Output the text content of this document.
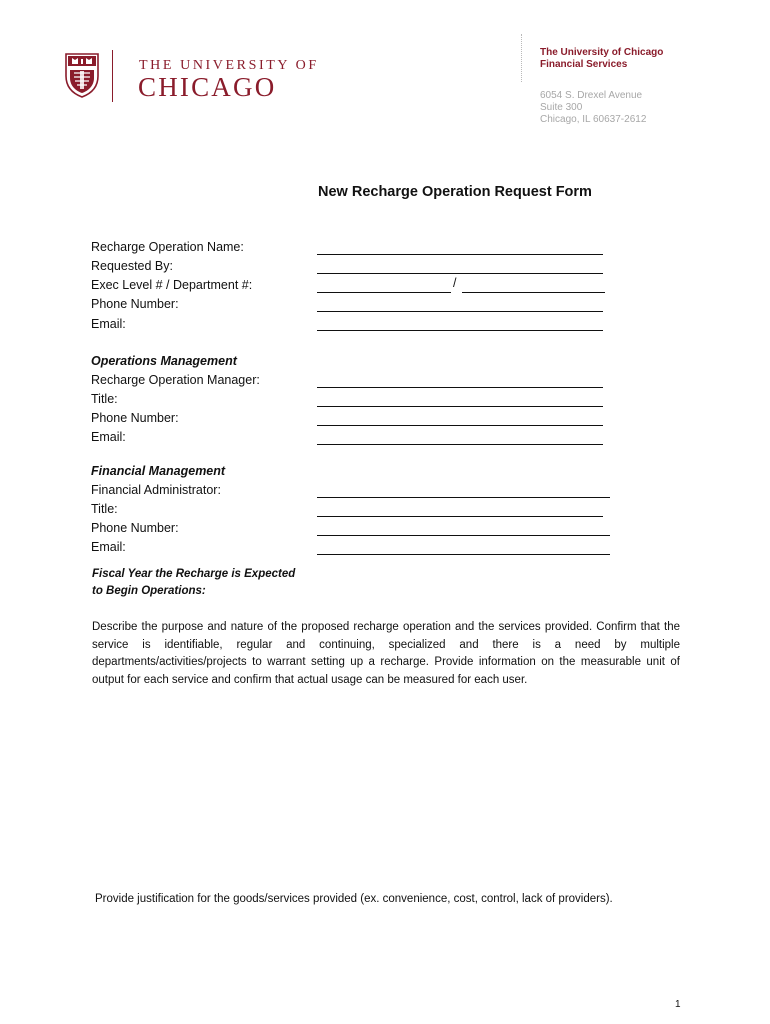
THE UNIVERSITY OF
CHICAGO
The University of Chicago
Financial Services
6054 S. Drexel Avenue
Suite 300
Chicago, IL 60637-2612
New Recharge Operation Request Form
Recharge Operation Name:
Requested By:
Exec Level # / Department #:	/
Phone Number:
Email:
Operations Management
Recharge Operation Manager:
Title:
Phone Number:
Email:
Financial Management
Financial Administrator:
Title:
Phone Number:
Email:
Fiscal Year the Recharge is Expected
to Begin Operations:
Describe the purpose and nature of the proposed recharge operation and the services provided. Confirm that the service is identifiable, regular and continuing, specialized and there is a need by multiple departments/activities/projects to warrant setting up a recharge. Provide information on the measurable unit of output for each service and confirm that actual usage can be measured for each user.
Provide justification for the goods/services provided (ex. convenience, cost, control, lack of providers).
1
